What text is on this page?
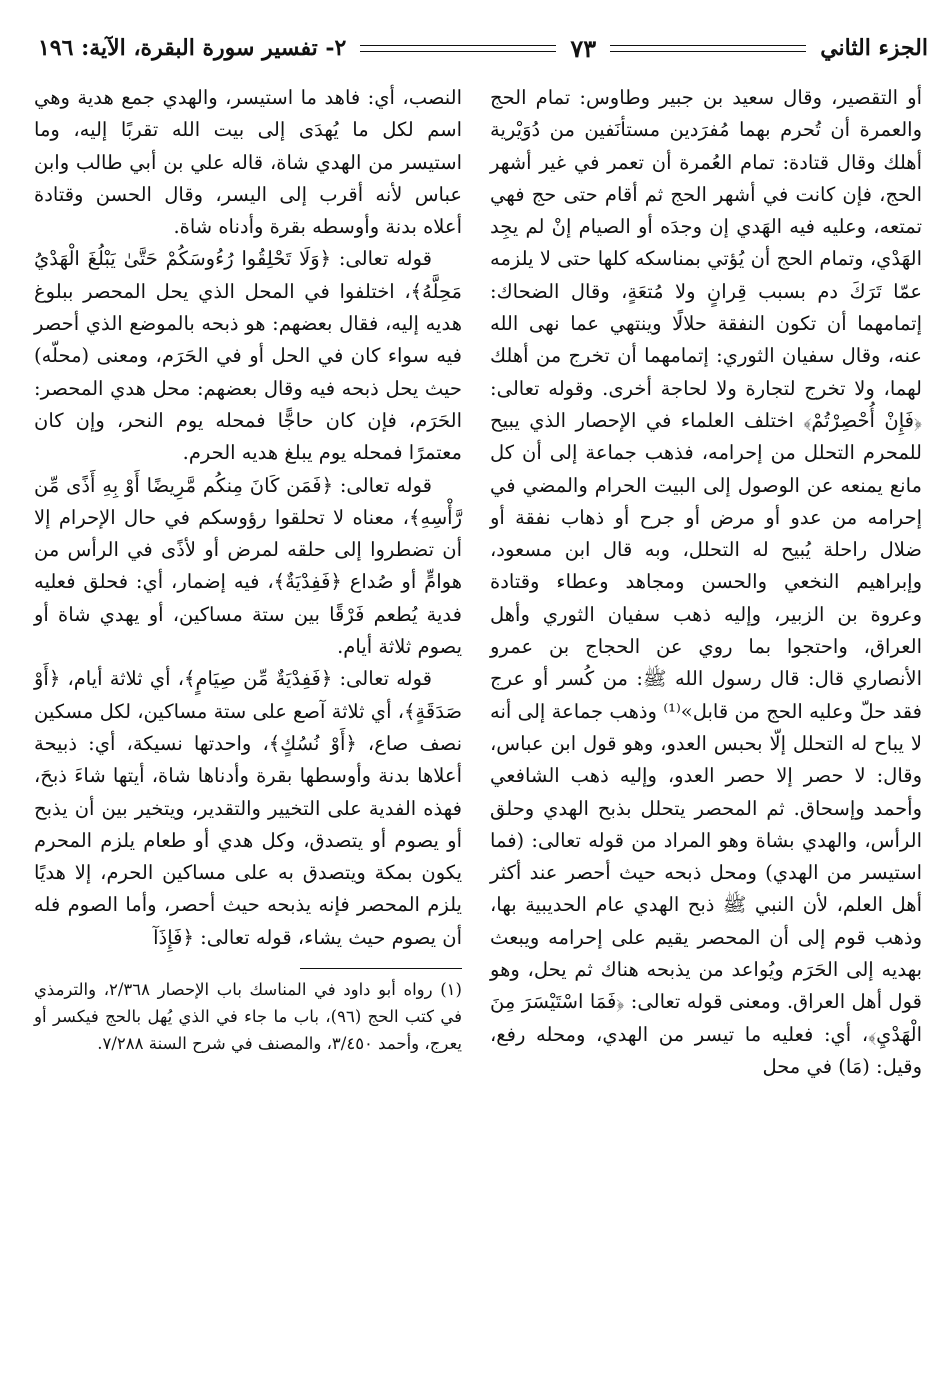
الجزء الثاني
٧٣
٢- تفسير سورة البقرة، الآية: ١٩٦

أو التقصير، وقال سعيد بن جبير وطاوس: تمام الحج والعمرة أن تُحرم بهما مُفرَدين مستأنَفين من دُوَيْرية أهلك وقال قتادة: تمام العُمرة أن تعمر في غير أشهر الحج، فإن كانت في أشهر الحج ثم أقام حتى حج فهي تمتعه، وعليه فيه الهَدي إن وجدَه أو الصيام إنْ لم يجِد الهَدْي، وتمام الحج أن يُؤتي بمناسكه كلها حتى لا يلزمه عمّا تَرَكَ دم بسبب قِرانٍ ولا مُتعَةٍ، وقال الضحاك: إتمامهما أن تكون النفقة حلالًا وينتهي عما نهى الله عنه، وقال سفيان الثوري: إتمامهما أن تخرج من أهلك لهما، ولا تخرج لتجارة ولا لحاجة أخرى. وقوله تعالى: ﴿فَإِنْ أُحْصِرْتُمْ﴾ اختلف العلماء في الإحصار الذي يبيح للمحرم التحلل من إحرامه، فذهب جماعة إلى أن كل مانع يمنعه عن الوصول إلى البيت الحرام والمضي في إحرامه من عدو أو مرض أو جرح أو ذهاب نفقة أو ضلال راحلة يُبيح له التحلل، وبه قال ابن مسعود، وإبراهيم النخعي والحسن ومجاهد وعطاء وقتادة وعروة بن الزبير، وإليه ذهب سفيان الثوري وأهل العراق، واحتجوا بما روي عن الحجاج بن عمرو الأنصاري قال: قال رسول الله ﷺ: من كُسر أو عرج فقد حلّ وعليه الحج من قابل»⁽¹⁾ وذهب جماعة إلى أنه لا يباح له التحلل إلّا بحبس العدو، وهو قول ابن عباس، وقال: لا حصر إلا حصر العدو، وإليه ذهب الشافعي وأحمد وإسحاق. ثم المحصر يتحلل بذبح الهدي وحلق الرأس، والهدي بشاة وهو المراد من قوله تعالى: (فما استيسر من الهدي) ومحل ذبحه حيث أحصر عند أكثر أهل العلم، لأن النبي ﷺ ذبح الهدي عام الحديبية بها، وذهب قوم إلى أن المحصر يقيم على إحرامه ويبعث بهديه إلى الحَرَم ويُواعد من يذبحه هناك ثم يحل، وهو قول أهل العراق. ومعنى قوله تعالى: ﴿فَمَا اسْتَيْسَرَ مِنَ الْهَدْيِ﴾، أي: فعليه ما تيسر من الهدي، ومحله رفع، وقيل: (مَا) في محل

النصب، أي: فاهد ما استيسر، والهدي جمع هدية وهي اسم لكل ما يُهدَى إلى بيت الله تقربًا إليه، وما استيسر من الهدي شاة، قاله علي بن أبي طالب وابن عباس لأنه أقرب إلى اليسر، وقال الحسن وقتادة أعلاه بدنة وأوسطه بقرة وأدناه شاة.

قوله تعالى: ﴿وَلَا تَحْلِقُوا رُءُوسَكُمْ حَتَّىٰ يَبْلُغَ الْهَدْيُ مَحِلَّهُ﴾، اختلفوا في المحل الذي يحل المحصر ببلوغ هديه إليه، فقال بعضهم: هو ذبحه بالموضع الذي أحصر فيه سواء كان في الحل أو في الحَرَم، ومعنى (محلّه) حيث يحل ذبحه فيه وقال بعضهم: محل هدي المحصر: الحَرَم، فإن كان حاجًّا فمحله يوم النحر، وإن كان معتمرًا فمحله يوم يبلغ هديه الحرم.

قوله تعالى: ﴿فَمَن كَانَ مِنكُم مَّرِيضًا أَوْ بِهِ أَذًى مِّن رَّأْسِهِ﴾، معناه لا تحلقوا رؤوسكم في حال الإحرام إلا أن تضطروا إلى حلقه لمرض أو لأذًى في الرأس من هوامٍّ أو صُداع ﴿فَفِدْيَةٌ﴾، فيه إضمار، أي: فحلق فعليه فدية يُطعم فَرْقًا بين ستة مساكين، أو يهدي شاة أو يصوم ثلاثة أيام.

قوله تعالى: ﴿فَفِدْيَةٌ مِّن صِيَامٍ﴾، أي ثلاثة أيام، ﴿أَوْ صَدَقَةٍ﴾، أي ثلاثة آصع على ستة مساكين، لكل مسكين نصف صاع، ﴿أَوْ نُسُكٍ﴾، واحدتها نسيكة، أي: ذبيحة أعلاها بدنة وأوسطها بقرة وأدناها شاة، أيتها شاءَ ذبحَ، فهذه الفدية على التخيير والتقدير، ويتخير بين أن يذبح أو يصوم أو يتصدق، وكل هدي أو طعام يلزم المحرم يكون بمكة ويتصدق به على مساكين الحرم، إلا هديًا يلزم المحصر فإنه يذبحه حيث أحصر، وأما الصوم فله أن يصوم حيث يشاء، قوله تعالى: ﴿فَإِذَآ

(١) رواه أبو داود في المناسك باب الإحصار ٢/٣٦٨، والترمذي في كتب الحج (٩٦)، باب ما جاء في الذي يُهل بالحج فيكسر أو يعرج، وأحمد ٣/٤٥٠، والمصنف في شرح السنة ٧/٢٨٨.
